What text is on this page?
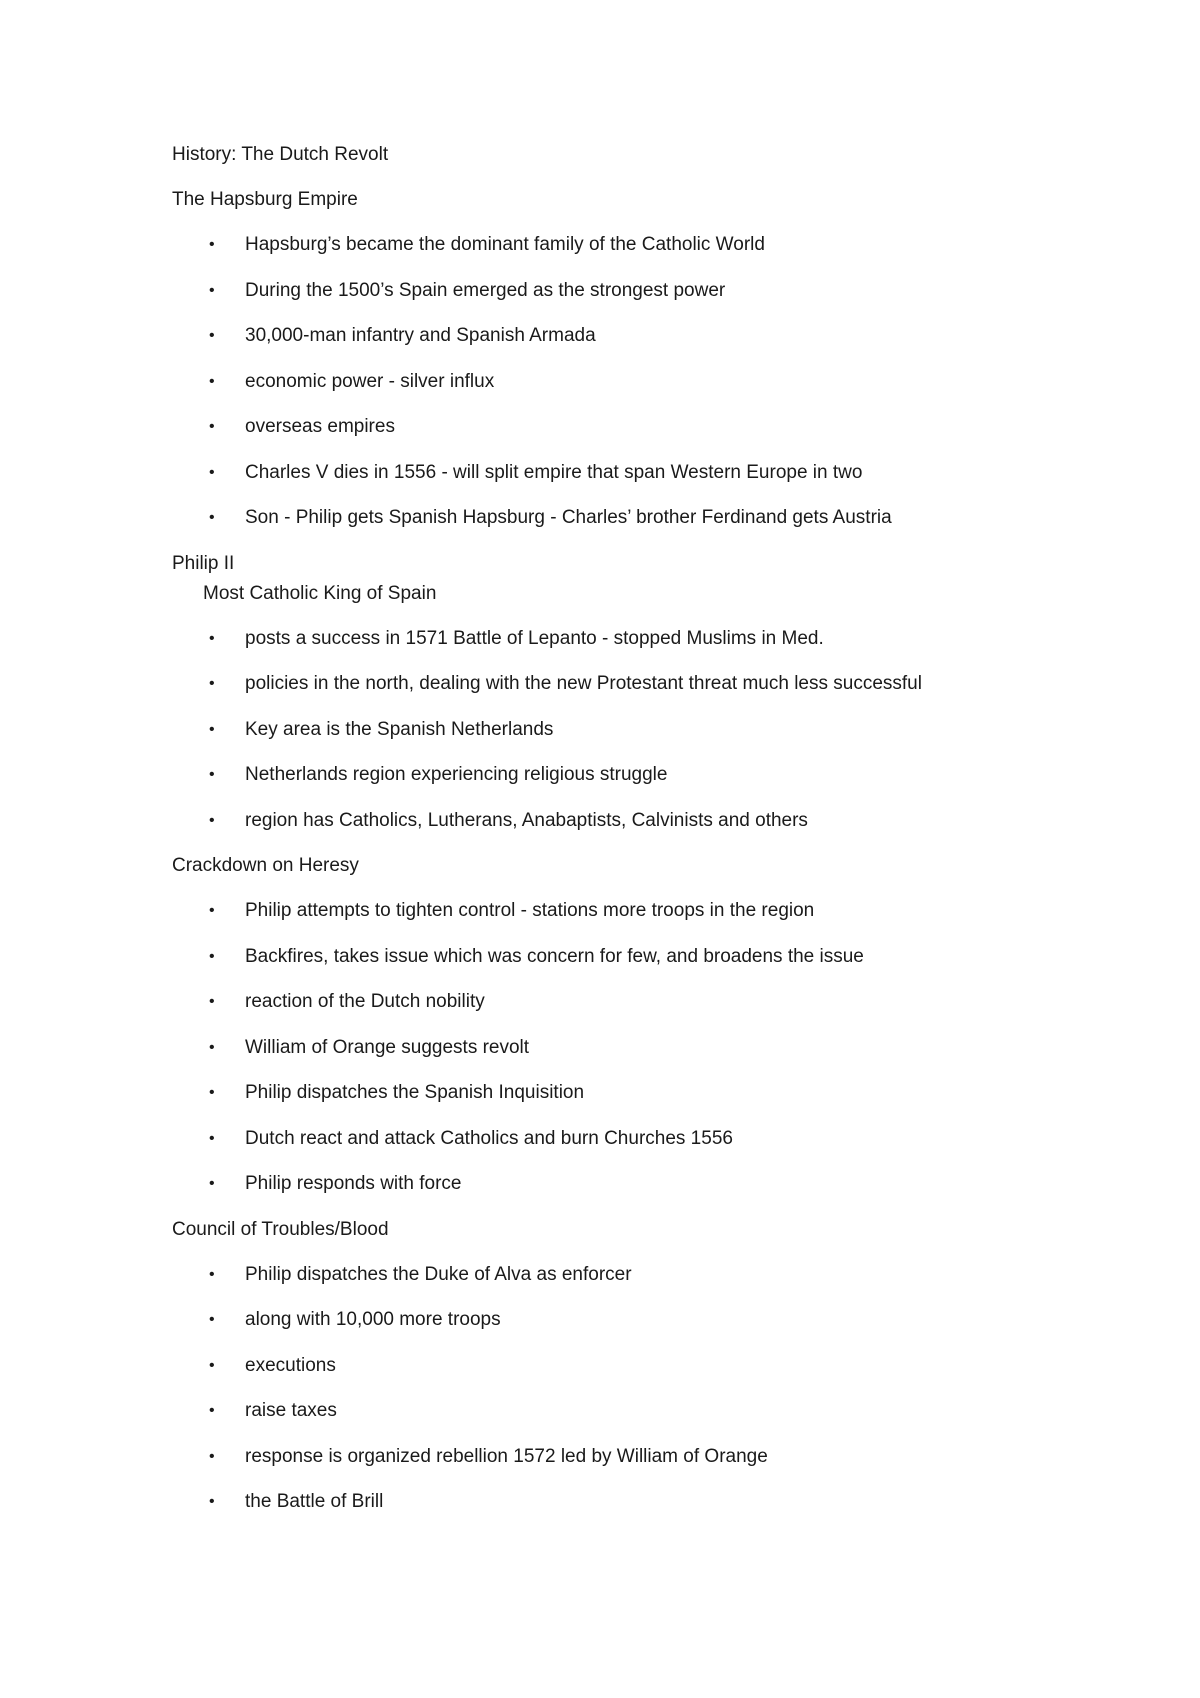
History: The Dutch Revolt
The Hapsburg Empire
• Hapsburg’s became the dominant family of the Catholic World
• During the 1500’s Spain emerged as the strongest power
• 30,000-man infantry and Spanish Armada
• economic power - silver influx
• overseas empires
• Charles V dies in 1556 - will split empire that span Western Europe in two
• Son - Philip gets Spanish Hapsburg - Charles’ brother Ferdinand gets Austria
Philip II
Most Catholic King of Spain
• posts a success in 1571 Battle of Lepanto - stopped Muslims in Med.
• policies in the north, dealing with the new Protestant threat much less successful
• Key area is the Spanish Netherlands
• Netherlands region experiencing religious struggle
• region has Catholics, Lutherans, Anabaptists, Calvinists and others
Crackdown on Heresy
• Philip attempts to tighten control - stations more troops in the region
• Backfires, takes issue which was concern for few, and broadens the issue
• reaction of the Dutch nobility
• William of Orange suggests revolt
• Philip dispatches the Spanish Inquisition
• Dutch react and attack Catholics and burn Churches 1556
• Philip responds with force
Council of Troubles/Blood
• Philip dispatches the Duke of Alva as enforcer
• along with 10,000 more troops
• executions
• raise taxes
• response is organized rebellion 1572 led by William of Orange
• the Battle of Brill
